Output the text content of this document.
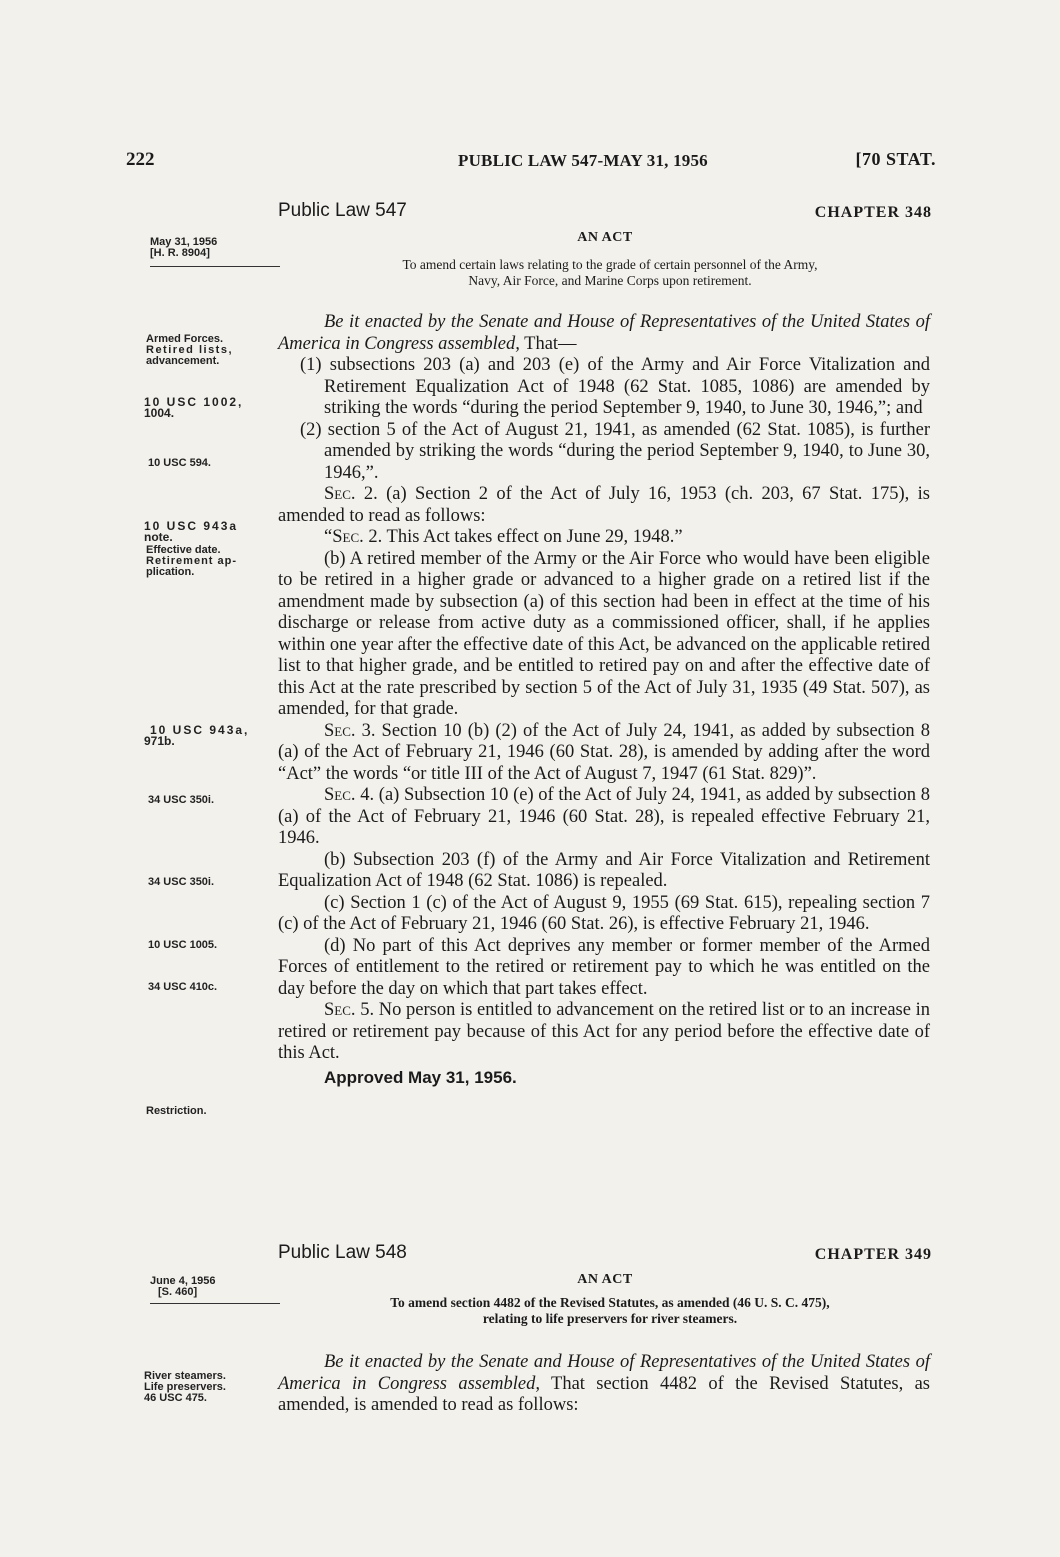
222	PUBLIC LAW 547-MAY 31, 1956	[70 STAT.
Public Law 547	CHAPTER 348
AN ACT
May 31, 1956
[H. R. 8904]
To amend certain laws relating to the grade of certain personnel of the Army,
Navy, Air Force, and Marine Corps upon retirement.
Armed Forces.
Retired lists,
advancement.
10 USC 1002,
1004.
10 USC 594.
10 USC 943a
note.
Effective date.
Retirement ap-
plication.
10 USC 943a,
971b.
34 USC 350i.
34 USC 350i.
10 USC 1005.
34 USC 410c.
Restriction.

Be it enacted by the Senate and House of Representatives of the United States of America in Congress assembled, That—

(1) subsections 203 (a) and 203 (e) of the Army and Air Force Vitalization and Retirement Equalization Act of 1948 (62 Stat. 1085, 1086) are amended by striking the words “during the period September 9, 1940, to June 30, 1946,”; and

(2) section 5 of the Act of August 21, 1941, as amended (62 Stat. 1085), is further amended by striking the words “during the period September 9, 1940, to June 30, 1946,”.

Sec. 2. (a) Section 2 of the Act of July 16, 1953 (ch. 203, 67 Stat. 175), is amended to read as follows:

“Sec. 2. This Act takes effect on June 29, 1948.”

(b) A retired member of the Army or the Air Force who would have been eligible to be retired in a higher grade or advanced to a higher grade on a retired list if the amendment made by subsection (a) of this section had been in effect at the time of his discharge or release from active duty as a commissioned officer, shall, if he applies within one year after the effective date of this Act, be advanced on the applicable retired list to that higher grade, and be entitled to retired pay on and after the effective date of this Act at the rate prescribed by section 5 of the Act of July 31, 1935 (49 Stat. 507), as amended, for that grade.

Sec. 3. Section 10 (b) (2) of the Act of July 24, 1941, as added by subsection 8 (a) of the Act of February 21, 1946 (60 Stat. 28), is amended by adding after the word “Act” the words “or title III of the Act of August 7, 1947 (61 Stat. 829)”.

Sec. 4. (a) Subsection 10 (e) of the Act of July 24, 1941, as added by subsection 8 (a) of the Act of February 21, 1946 (60 Stat. 28), is repealed effective February 21, 1946.

(b) Subsection 203 (f) of the Army and Air Force Vitalization and Retirement Equalization Act of 1948 (62 Stat. 1086) is repealed.

(c) Section 1 (c) of the Act of August 9, 1955 (69 Stat. 615), repealing section 7 (c) of the Act of February 21, 1946 (60 Stat. 26), is effective February 21, 1946.

(d) No part of this Act deprives any member or former member of the Armed Forces of entitlement to the retired or retirement pay to which he was entitled on the day before the day on which that part takes effect.

Sec. 5. No person is entitled to advancement on the retired list or to an increase in retired or retirement pay because of this Act for any period before the effective date of this Act.

Approved May 31, 1956.

Public Law 548	CHAPTER 349
AN ACT
June 4, 1956
[S. 460]
To amend section 4482 of the Revised Statutes, as amended (46 U. S. C. 475),
relating to life preservers for river steamers.
River steamers.
Life preservers.
46 USC 475.

Be it enacted by the Senate and House of Representatives of the United States of America in Congress assembled, That section 4482 of the Revised Statutes, as amended, is amended to read as follows:
